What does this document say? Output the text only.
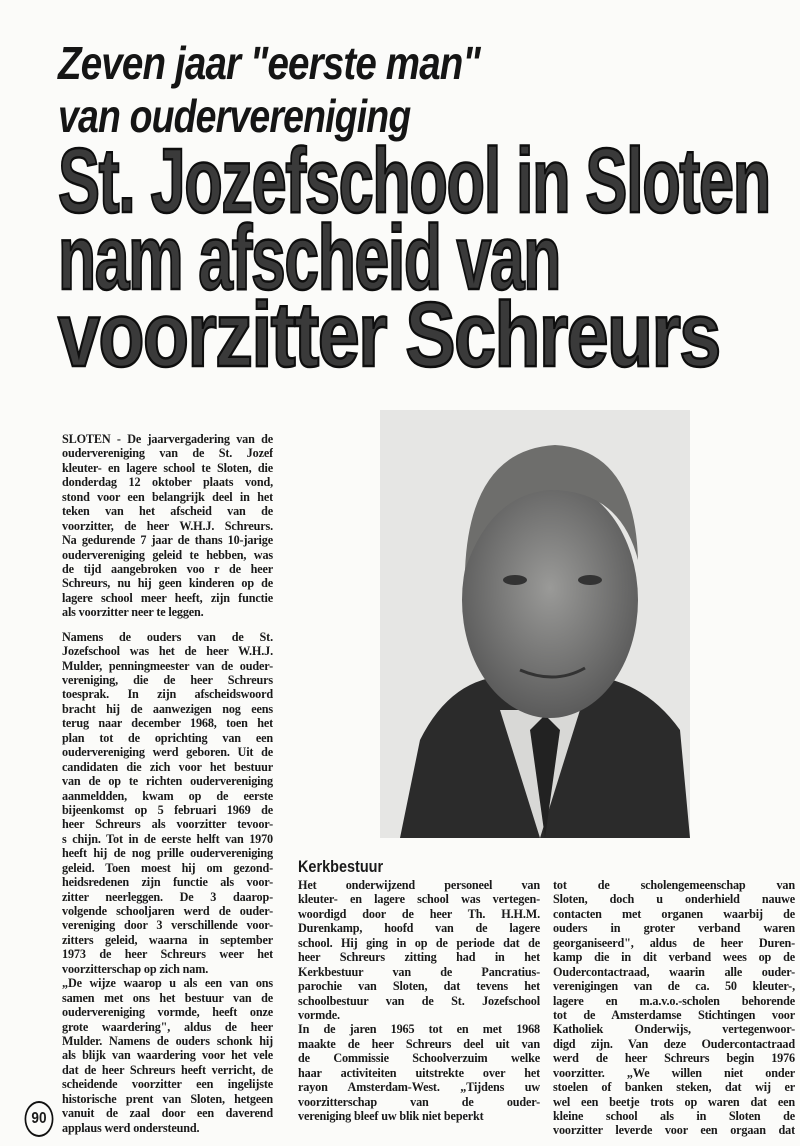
Zeven jaar "eerste man"
van oudervereniging
St. Jozefschool in Sloten
nam afscheid van
voorzitter Schreurs
SLOTEN - De jaarvergadering van de
oudervereniging van de St. Jozef
kleuter- en lagere school te Sloten, die
donderdag 12 oktober plaats vond,
stond voor een belangrijk deel in het
teken van het afscheid van de
voorzitter, de heer W.H.J. Schreurs.
Na gedurende 7 jaar de thans 10-jarige
oudervereniging geleid te hebben, was
de tijd aangebroken voo r de heer
Schreurs, nu hij geen kinderen op de
lagere school meer heeft, zijn functie
als voorzitter neer te leggen.
Namens de ouders van de St.
Jozefschool was het de heer W.H.J.
Mulder, penningmeester van de ouder-
vereniging, die de heer Schreurs
toesprak. In zijn afscheidswoord
bracht hij de aanwezigen nog eens
terug naar december 1968, toen het
plan tot de oprichting van een
oudervereniging werd geboren. Uit de
candidaten die zich voor het bestuur
van de op te richten oudervereniging
aanmeldden, kwam op de eerste
bijeenkomst op 5 februari 1969 de
heer Schreurs als voorzitter tevoor-
s chijn. Tot in de eerste helft van 1970
heeft hij de nog prille oudervereniging
geleid. Toen moest hij om gezond-
heidsredenen zijn functie als voor-
zitter neerleggen. De 3 daarop-
volgende schooljaren werd de ouder-
vereniging door 3 verschillende voor-
zitters geleid, waarna in september
1973 de heer Schreurs weer het
voorzitterschap op zich nam.
„De wijze waarop u als een van ons
samen met ons het bestuur van de
oudervereniging vormde, heeft onze
grote waardering", aldus de heer
Mulder. Namens de ouders schonk hij
als blijk van waardering voor het vele
dat de heer Schreurs heeft verricht, de
scheidende voorzitter een ingelijste
historische prent van Sloten, hetgeen
vanuit de zaal door een daverend
applaus werd ondersteund.
Kerkbestuur
Het onderwijzend personeel van
kleuter- en lagere school was vertegen-
woordigd door de heer Th. H.H.M.
Durenkamp, hoofd van de lagere
school. Hij ging in op de periode dat de
heer Schreurs zitting had in het
Kerkbestuur van de Pancratius-
parochie van Sloten, dat tevens het
schoolbestuur van de St. Jozefschool
vormde.
In de jaren 1965 tot en met 1968
maakte de heer Schreurs deel uit van
de Commissie Schoolverzuim welke
haar activiteiten uitstrekte over het
rayon Amsterdam-West. „Tijdens uw
voorzitterschap van de ouder-
vereniging bleef uw blik niet beperkt
tot de scholengemeenschap van
Sloten, doch u onderhield nauwe
contacten met organen waarbij de
ouders in groter verband waren
georganiseerd", aldus de heer Duren-
kamp die in dit verband wees op de
Oudercontactraad, waarin alle ouder-
verenigingen van de ca. 50 kleuter-,
lagere en m.a.v.o.-scholen behorende
tot de Amsterdamse Stichtingen voor
Katholiek Onderwijs, vertegenwoor-
digd zijn. Van deze Oudercontactraad
werd de heer Schreurs begin 1976
voorzitter. „We willen niet onder
stoelen of banken steken, dat wij er
wel een beetje trots op waren dat een
kleine school als in Sloten de
voorzitter leverde voor een orgaan dat
90
